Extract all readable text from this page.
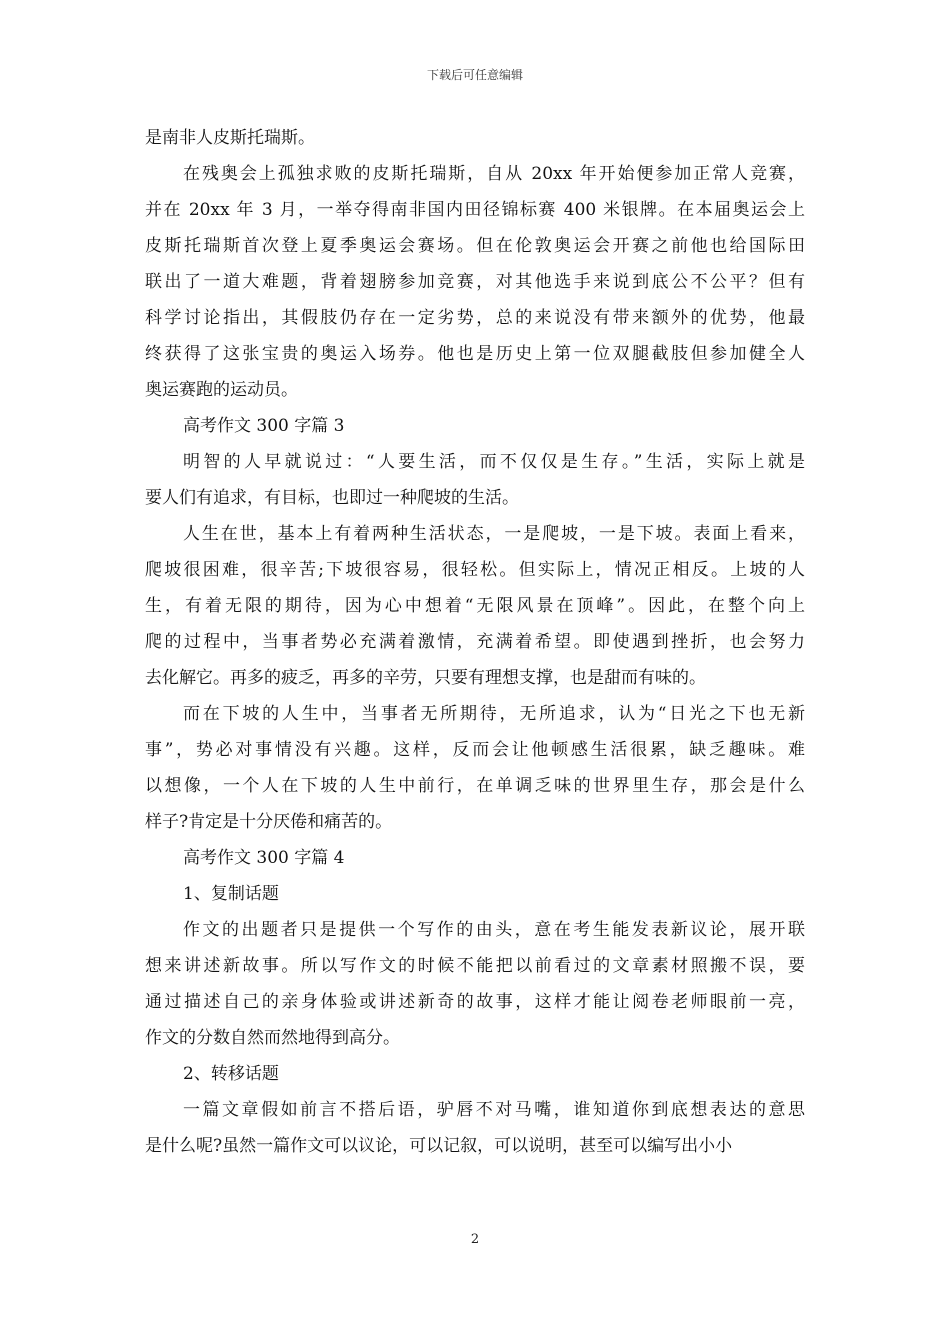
下载后可任意编辑
是南非人皮斯托瑞斯。
在残奥会上孤独求败的皮斯托瑞斯，自从 20xx 年开始便参加正常人竞赛，
并在 20xx 年 3 月，一举夺得南非国内田径锦标赛 400 米银牌。在本届奥运会上
皮斯托瑞斯首次登上夏季奥运会赛场。但在伦敦奥运会开赛之前他也给国际田
联出了一道大难题，背着翅膀参加竞赛，对其他选手来说到底公不公平？但有
科学讨论指出，其假肢仍存在一定劣势，总的来说没有带来额外的优势，他最
终获得了这张宝贵的奥运入场券。他也是历史上第一位双腿截肢但参加健全人
奥运赛跑的运动员。
高考作文 300 字篇 3
明智的人早就说过：“人要生活，而不仅仅是生存。”生活，实际上就是
要人们有追求，有目标，也即过一种爬坡的生活。
人生在世，基本上有着两种生活状态，一是爬坡，一是下坡。表面上看来，
爬坡很困难，很辛苦;下坡很容易，很轻松。但实际上，情况正相反。上坡的人
生，有着无限的期待，因为心中想着“无限风景在顶峰”。因此，在整个向上
爬的过程中，当事者势必充满着激情，充满着希望。即使遇到挫折，也会努力
去化解它。再多的疲乏，再多的辛劳，只要有理想支撑，也是甜而有味的。
而在下坡的人生中，当事者无所期待，无所追求，认为“日光之下也无新
事”，势必对事情没有兴趣。这样，反而会让他顿感生活很累，缺乏趣味。难
以想像，一个人在下坡的人生中前行，在单调乏味的世界里生存，那会是什么
样子?肯定是十分厌倦和痛苦的。
高考作文 300 字篇 4
1、复制话题
作文的出题者只是提供一个写作的由头，意在考生能发表新议论，展开联
想来讲述新故事。所以写作文的时候不能把以前看过的文章素材照搬不误，要
通过描述自己的亲身体验或讲述新奇的故事，这样才能让阅卷老师眼前一亮，
作文的分数自然而然地得到高分。
2、转移话题
一篇文章假如前言不搭后语，驴唇不对马嘴，谁知道你到底想表达的意思
是什么呢?虽然一篇作文可以议论，可以记叙，可以说明，甚至可以编写出小小
2
